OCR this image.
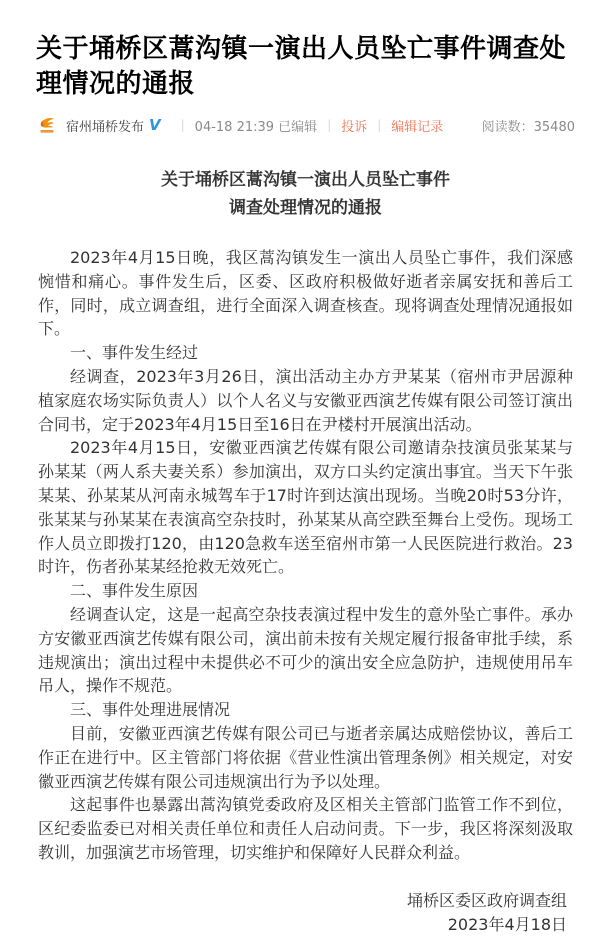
关于埇桥区蒿沟镇一演出人员坠亡事件调查处理情况的通报
宿州埇桥发布 V | 04-18 21:39 已编辑 | 投诉 | 编辑记录	阅读数：35480
关于埇桥区蒿沟镇一演出人员坠亡事件
调查处理情况的通报

2023年4月15日晚，我区蒿沟镇发生一演出人员坠亡事件，我们深感惋惜和痛心。事件发生后，区委、区政府积极做好逝者亲属安抚和善后工作，同时，成立调查组，进行全面深入调查核查。现将调查处理情况通报如下。

一、事件发生经过

经调查，2023年3月26日，演出活动主办方尹某某（宿州市尹居源种植家庭农场实际负责人）以个人名义与安徽亚西演艺传媒有限公司签订演出合同书，定于2023年4月15日至16日在尹楼村开展演出活动。

2023年4月15日，安徽亚西演艺传媒有限公司邀请杂技演员张某某与孙某某（两人系夫妻关系）参加演出，双方口头约定演出事宜。当天下午张某某、孙某某从河南永城驾车于17时许到达演出现场。当晚20时53分许，张某某与孙某某在表演高空杂技时，孙某某从高空跌至舞台上受伤。现场工作人员立即拨打120，由120急救车送至宿州市第一人民医院进行救治。23时许，伤者孙某某经抢救无效死亡。

二、事件发生原因

经调查认定，这是一起高空杂技表演过程中发生的意外坠亡事件。承办方安徽亚西演艺传媒有限公司，演出前未按有关规定履行报备审批手续，系违规演出；演出过程中未提供必不可少的演出安全应急防护，违规使用吊车吊人，操作不规范。

三、事件处理进展情况

目前，安徽亚西演艺传媒有限公司已与逝者亲属达成赔偿协议，善后工作正在进行中。区主管部门将依据《营业性演出管理条例》相关规定，对安徽亚西演艺传媒有限公司违规演出行为予以处理。

这起事件也暴露出蒿沟镇党委政府及区相关主管部门监管工作不到位，区纪委监委已对相关责任单位和责任人启动问责。下一步，我区将深刻汲取教训，加强演艺市场管理，切实维护和保障好人民群众利益。

埇桥区委区政府调查组
2023年4月18日
